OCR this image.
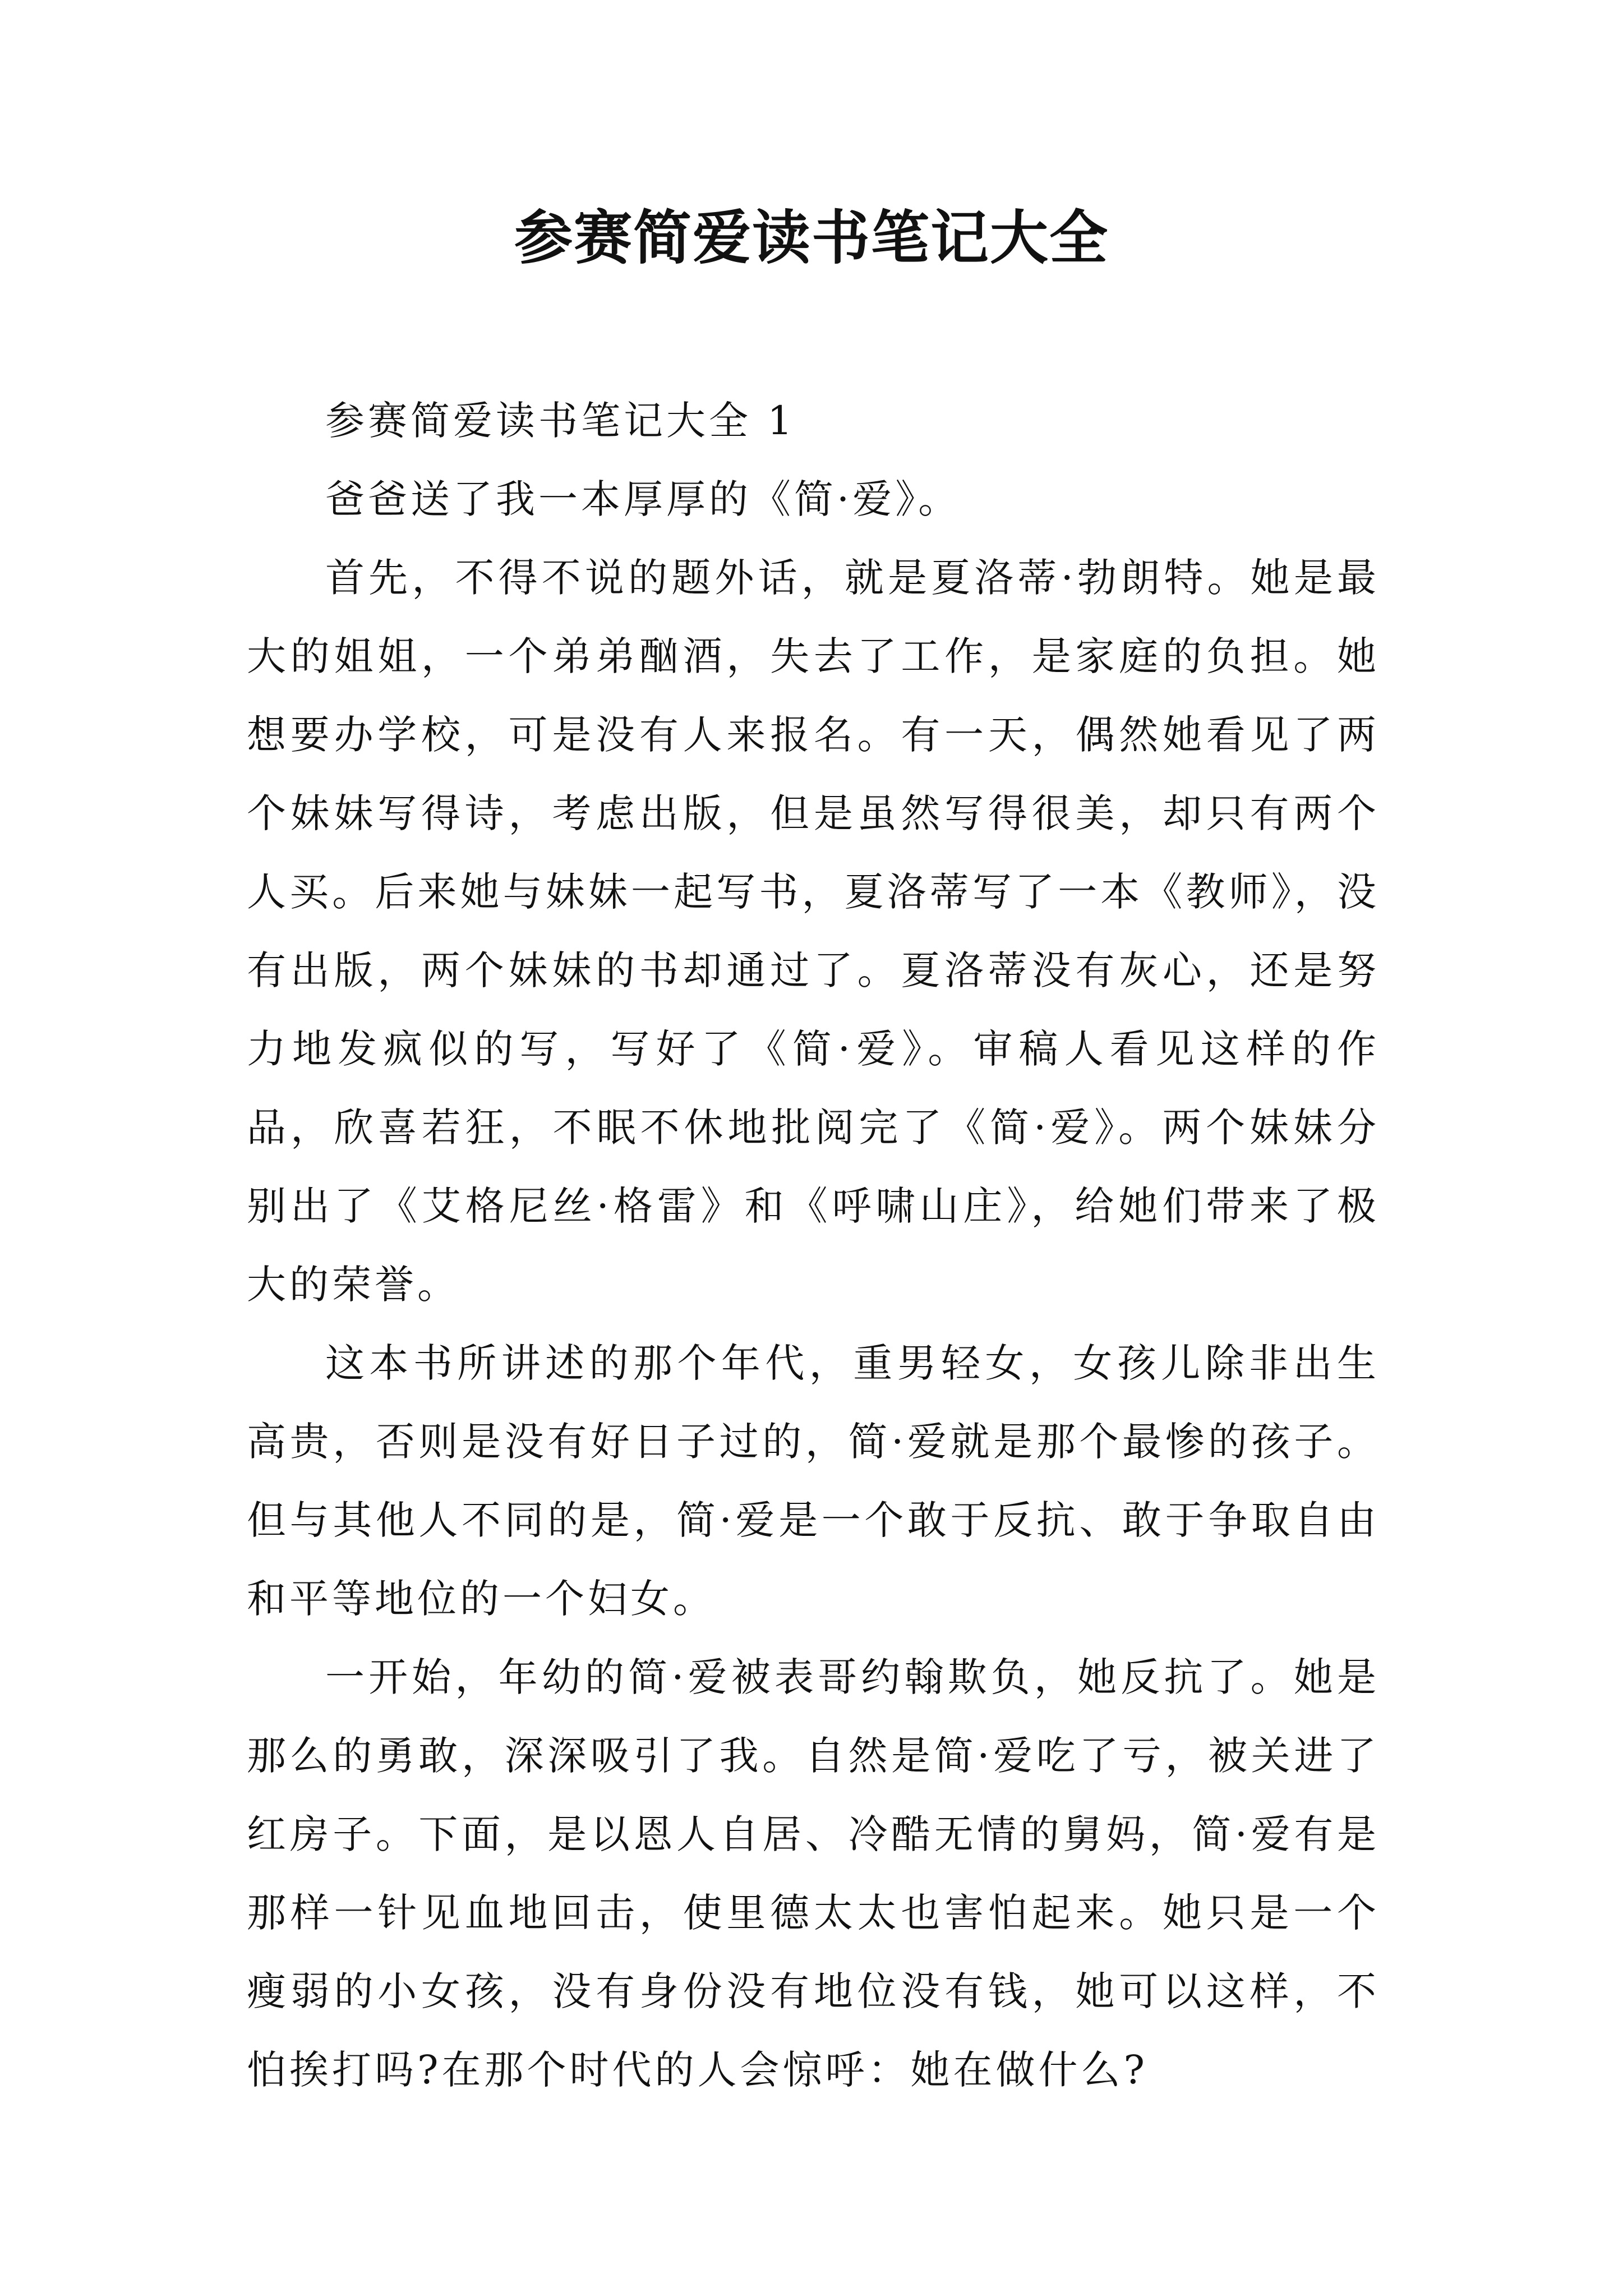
参赛简爱读书笔记大全

参赛简爱读书笔记大全 1

爸爸送了我一本厚厚的《简·爱》。

首先，不得不说的题外话，就是夏洛蒂·勃朗特。她是最大的姐姐，一个弟弟酗酒，失去了工作，是家庭的负担。她想要办学校，可是没有人来报名。有一天，偶然她看见了两个妹妹写得诗，考虑出版，但是虽然写得很美，却只有两个人买。后来她与妹妹一起写书，夏洛蒂写了一本《教师》，没有出版，两个妹妹的书却通过了。夏洛蒂没有灰心，还是努力地发疯似的写，写好了《简·爱》。审稿人看见这样的作品，欣喜若狂，不眠不休地批阅完了《简·爱》。两个妹妹分别出了《艾格尼丝·格雷》和《呼啸山庄》，给她们带来了极大的荣誉。

这本书所讲述的那个年代，重男轻女，女孩儿除非出生高贵，否则是没有好日子过的，简·爱就是那个最惨的孩子。但与其他人不同的是，简·爱是一个敢于反抗、敢于争取自由和平等地位的一个妇女。

一开始，年幼的简·爱被表哥约翰欺负，她反抗了。她是那么的勇敢，深深吸引了我。自然是简·爱吃了亏，被关进了红房子。下面，是以恩人自居、冷酷无情的舅妈，简·爱有是那样一针见血地回击，使里德太太也害怕起来。她只是一个瘦弱的小女孩，没有身份没有地位没有钱，她可以这样，不怕挨打吗?在那个时代的人会惊呼：她在做什么?
